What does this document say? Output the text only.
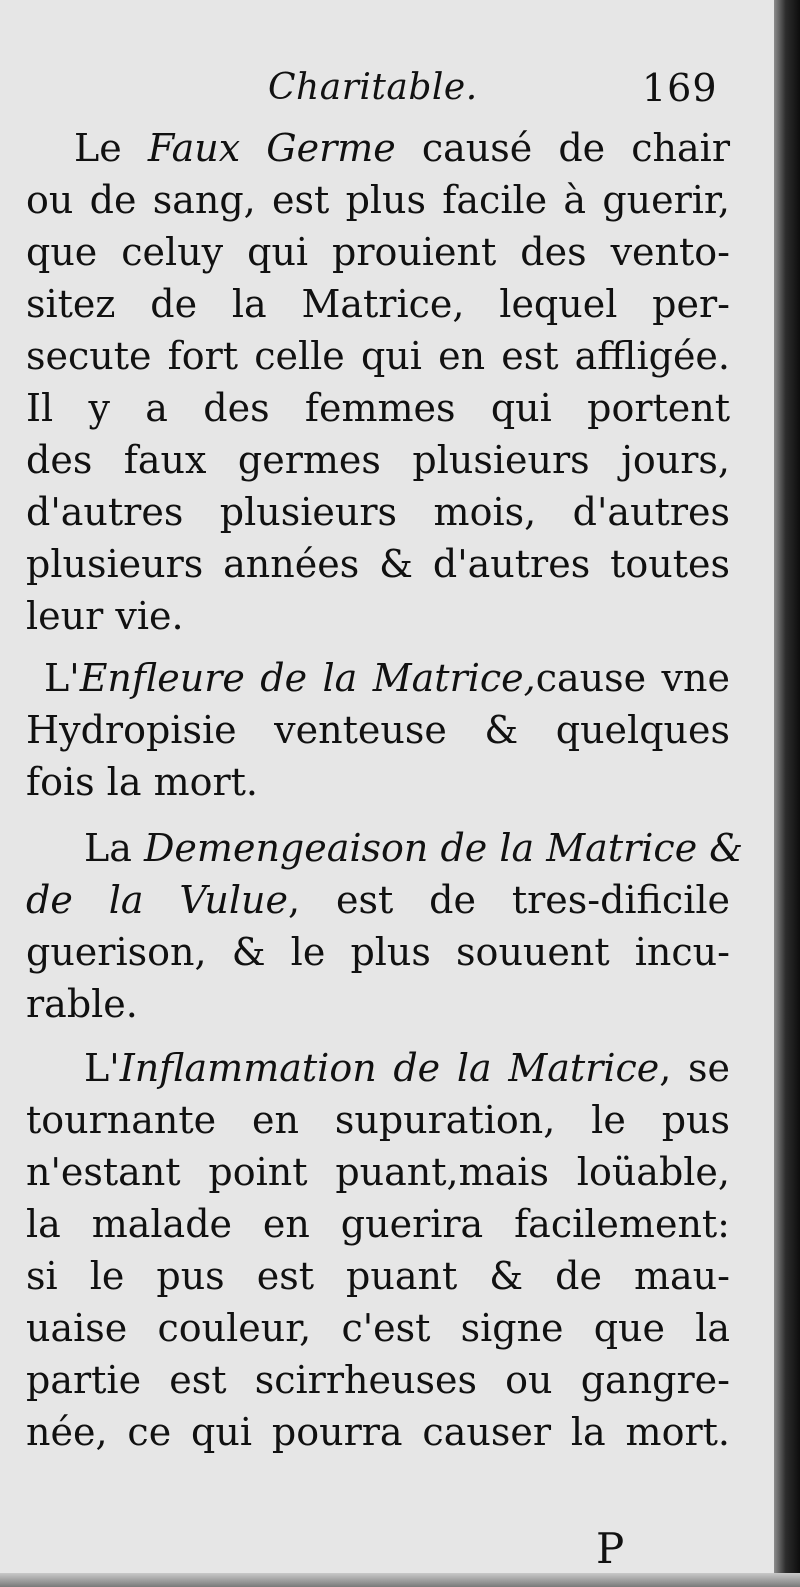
Charitable.	169
Le Faux Germe causé de chair
ou de sang, est plus facile à guerir,
que celuy qui prouient des vento-
sitez de la Matrice, lequel per-
secute fort celle qui en est affligée.
Il y a des femmes qui portent
des faux germes plusieurs jours,
d'autres plusieurs mois, d'autres
plusieurs années & d'autres toutes
leur vie.
L'Enfleure de la Matrice,cause vne
Hydropisie venteuse & quelques
fois la mort.
La Demengeaison de la Matrice &
de la Vulue, est de tres-dificile
guerison, & le plus souuent incu-
rable.
L'Inflammation de la Matrice, se
tournante en supuration, le pus
n'estant point puant,mais loüable,
la malade en guerira facilement:
si le pus est puant & de mau-
uaise couleur, c'est signe que la
partie est scirrheuses ou gangre-
née, ce qui pourra causer la mort.
P
